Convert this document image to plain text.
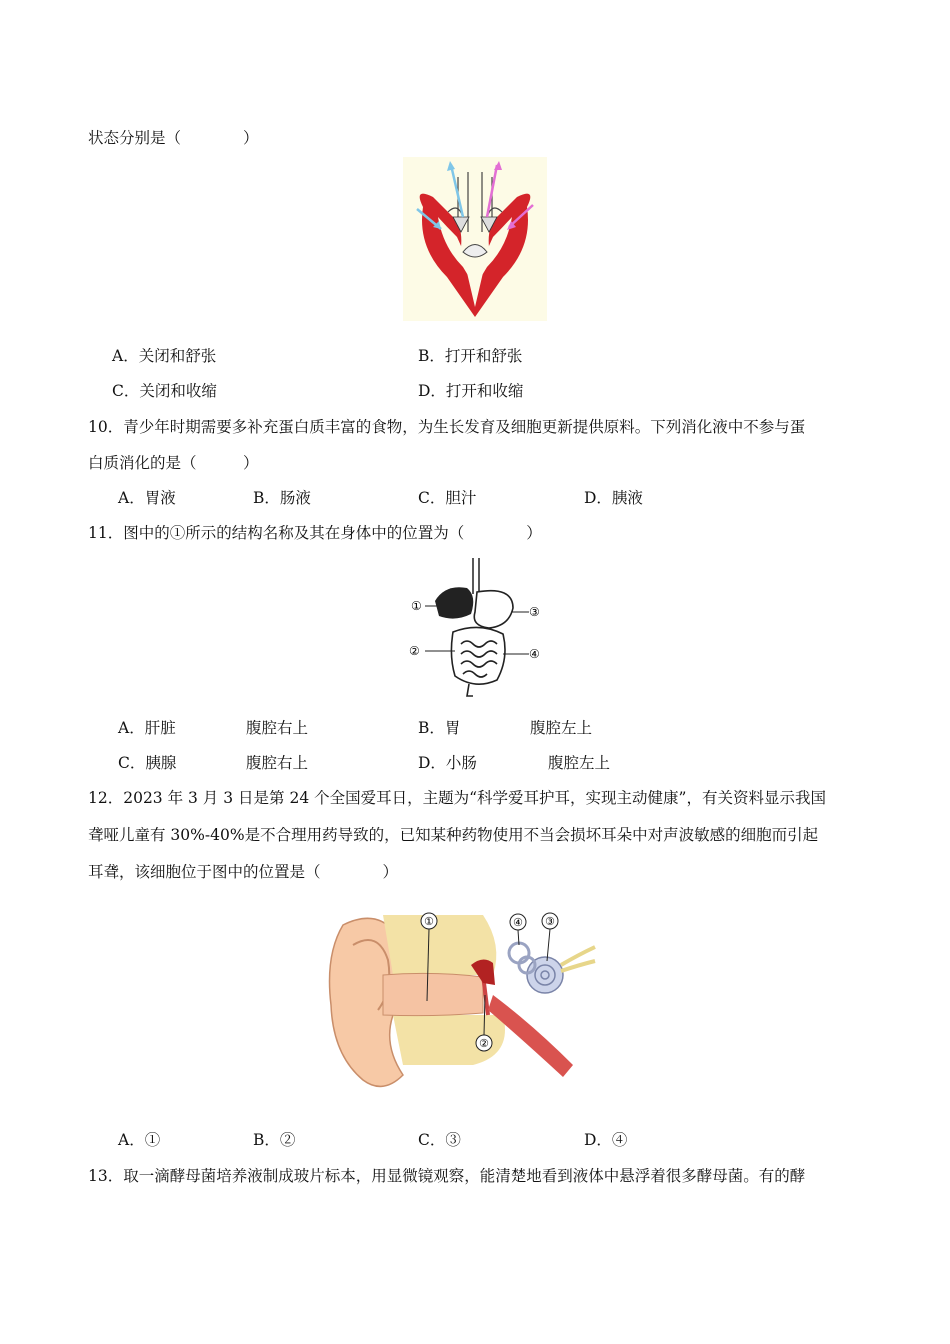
状态分别是（　　　　）
A．关闭和舒张	B．打开和舒张
C．关闭和收缩	D．打开和收缩
10．青少年时期需要多补充蛋白质丰富的食物，为生长发育及细胞更新提供原料。下列消化液中不参与蛋
白质消化的是（　　　）
A．胃液	B．肠液	C．胆汁	D．胰液
11．图中的①所示的结构名称及其在身体中的位置为（　　　　）
①
②
③
④
A．肝脏	腹腔右上	B．胃	腹腔左上
C．胰腺	腹腔右上	D．小肠	腹腔左上
12．2023 年 3 月 3 日是第 24 个全国爱耳日，主题为“科学爱耳护耳，实现主动健康”，有关资料显示我国
聋哑儿童有 30%-40%是不合理用药导致的，已知某种药物使用不当会损坏耳朵中对声波敏感的细胞而引起
耳聋，该细胞位于图中的位置是（　　　　）
①
②
③
④
A．①	B．②	C．③	D．④
13．取一滴酵母菌培养液制成玻片标本，用显微镜观察，能清楚地看到液体中悬浮着很多酵母菌。有的酵
